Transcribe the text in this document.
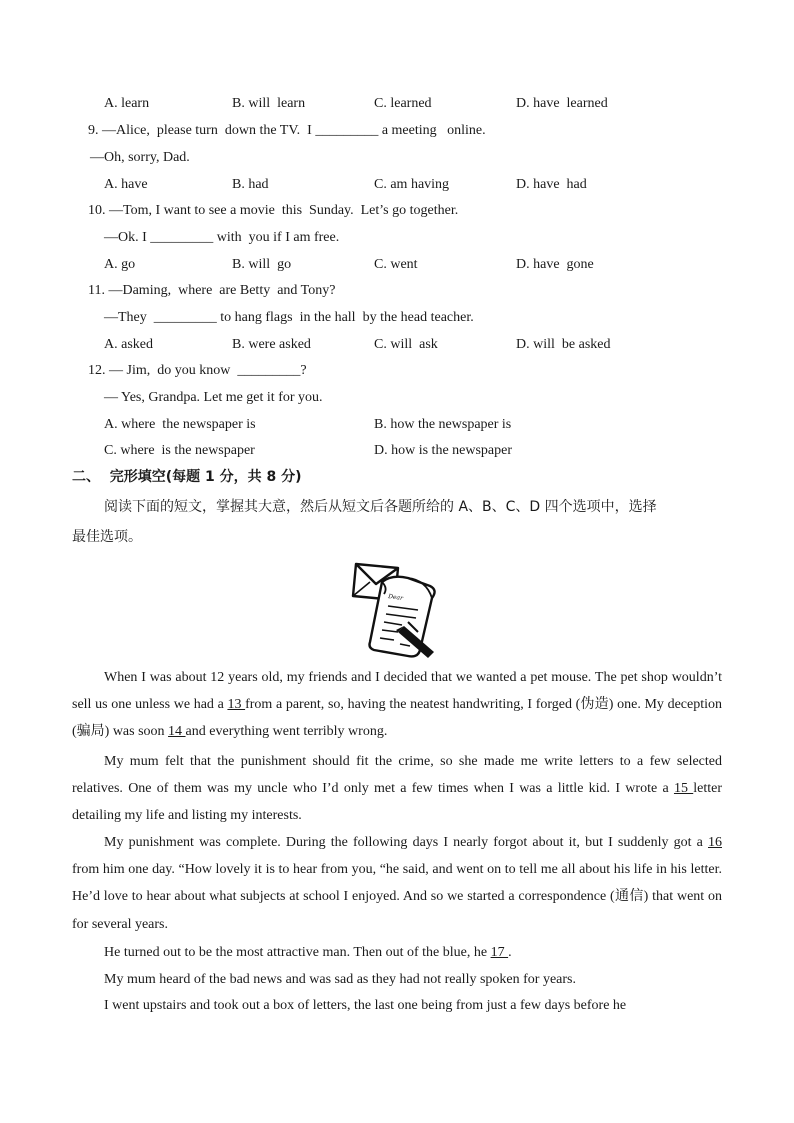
A. learn	B. will  learn	C. learned	D. have  learned
9. —Alice,  please turn  down the TV.  I _________ a meeting   online.
—Oh, sorry, Dad.
A. have	B. had	C. am having	D. have  had
10. —Tom, I want to see a movie  this  Sunday.  Let’s go together.
—Ok. I _________ with  you if I am free.
A. go	B. will  go	C. went	D. have  gone
11. —Daming,  where  are Betty  and Tony?
—They  _________ to hang flags  in the hall  by the head teacher.
A. asked	B. were asked	C. will  ask	D. will  be asked
12. — Jim,  do you know  _________?
— Yes, Grandpa. Let me get it for you.
A. where  the newspaper is	B. how the newspaper is
C. where  is the newspaper	D. how is the newspaper
二、  完形填空(每题 1 分，共 8 分)
阅读下面的短文，掌握其大意，然后从短文后各题所给的 A、B、C、D 四个选项中，选择
最佳选项。
Dear
When I was about 12 years old, my friends and I decided that we wanted a pet mouse. The pet shop wouldn’t sell us one unless we had a 13 from a parent, so, having the neatest handwriting, I forged (伪造) one. My deception (骗局) was soon 14 and everything went terribly wrong.
My mum felt that the punishment should fit the crime, so she made me write letters to a few selected relatives. One of them was my uncle who I’d only met a few times when I was a little kid. I wrote a 15 letter detailing my life and listing my interests.
My punishment was complete. During the following days I nearly forgot about it, but I suddenly got a 16 from him one day. “How lovely it is to hear from you, “he said, and went on to tell me all about his life in his letter. He’d love to hear about what subjects at school I enjoyed. And so we started a correspondence (通信) that went on for several years.
He turned out to be the most attractive man. Then out of the blue, he 17 .
My mum heard of the bad news and was sad as they had not really spoken for years.
I went upstairs and took out a box of letters, the last one being from just a few days before he
